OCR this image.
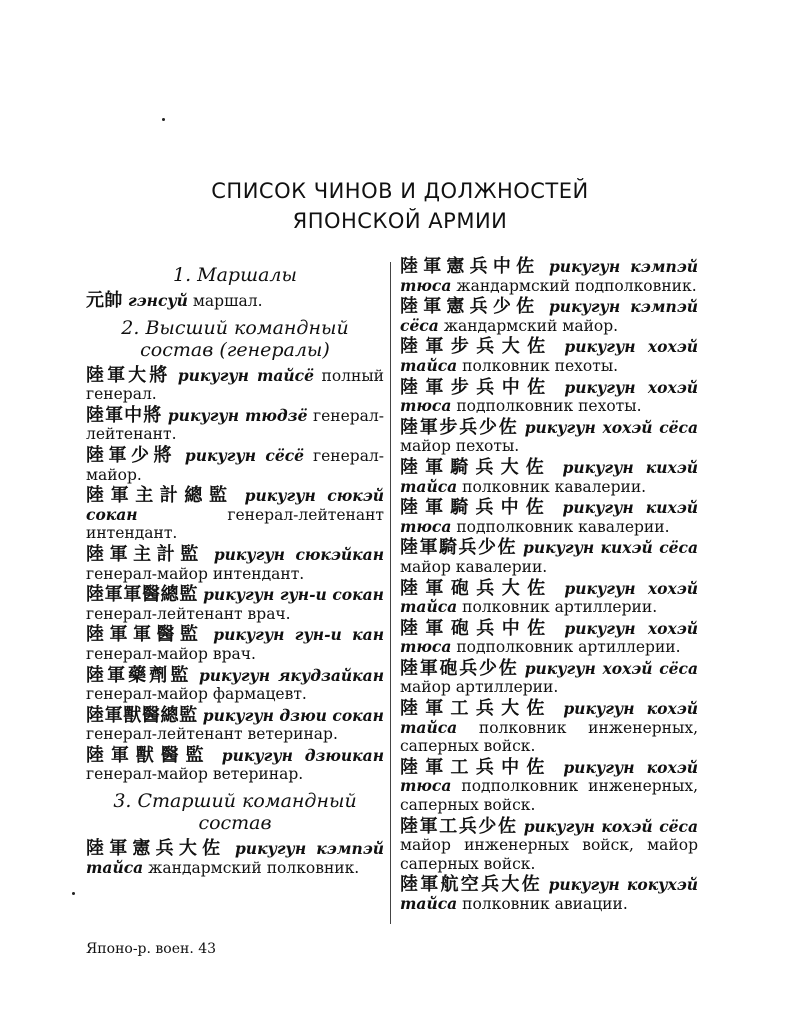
СПИСОК ЧИНОВ И ДОЛЖНОСТЕЙ
ЯПОНСКОЙ АРМИИ
1. Маршалы
元帥 гэнсуй маршал.
2. Высший командный
состав (генералы)
陸軍大將 рикугун тайсё полный генерал.
陸軍中將 рикугун тюдзё генерал-лейтенант.
陸軍少將 рикугун сёсё генерал-майор.
陸軍主計總監 рикугун сюкэй сокан	генерал-лейтенант интендант.
陸軍主計監 рикугун сюкэйкан генерал-майор интендант.
陸軍軍醫總監 рикугун гун-и сокан генерал-лейтенант врач.
陸軍軍醫監 рикугун гун-и кан генерал-майор врач.
陸軍藥劑監 рикугун якудзайкан генерал-майор фармацевт.
陸軍獸醫總監 рикугун дзюи сокан генерал-лейтенант ветеринар.
陸軍獸醫監 рикугун дзюикан генерал-майор ветеринар.
3. Старший командный
состав
陸軍憲兵大佐 рикугун кэмпэй тайса жандармский полковник.
陸軍憲兵中佐 рикугун кэмпэй тюса жандармский подполковник.
陸軍憲兵少佐 рикугун кэмпэй сёса жандармский майор.
陸軍步兵大佐 рикугун хохэй тайса полковник пехоты.
陸軍步兵中佐 рикугун хохэй тюса подполковник пехоты.
陸軍步兵少佐 рикугун хохэй сёса майор пехоты.
陸軍騎兵大佐 рикугун кихэй тайса полковник кавалерии.
陸軍騎兵中佐 рикугун кихэй тюса подполковник кавалерии.
陸軍騎兵少佐 рикугун кихэй сёса майор кавалерии.
陸軍砲兵大佐 рикугун хохэй тайса полковник артиллерии.
陸軍砲兵中佐 рикугун хохэй тюса подполковник артиллерии.
陸軍砲兵少佐 рикугун хохэй сёса майор артиллерии.
陸軍工兵大佐 рикугун кохэй тайса полковник инженерных, саперных войск.
陸軍工兵中佐 рикугун кохэй тюса подполковник инженерных, саперных войск.
陸軍工兵少佐 рикугун кохэй сёса майор инженерных войск, майор саперных войск.
陸軍航空兵大佐 рикугун кокухэй тайса полковник авиации.
Японо-р. воен. 43
